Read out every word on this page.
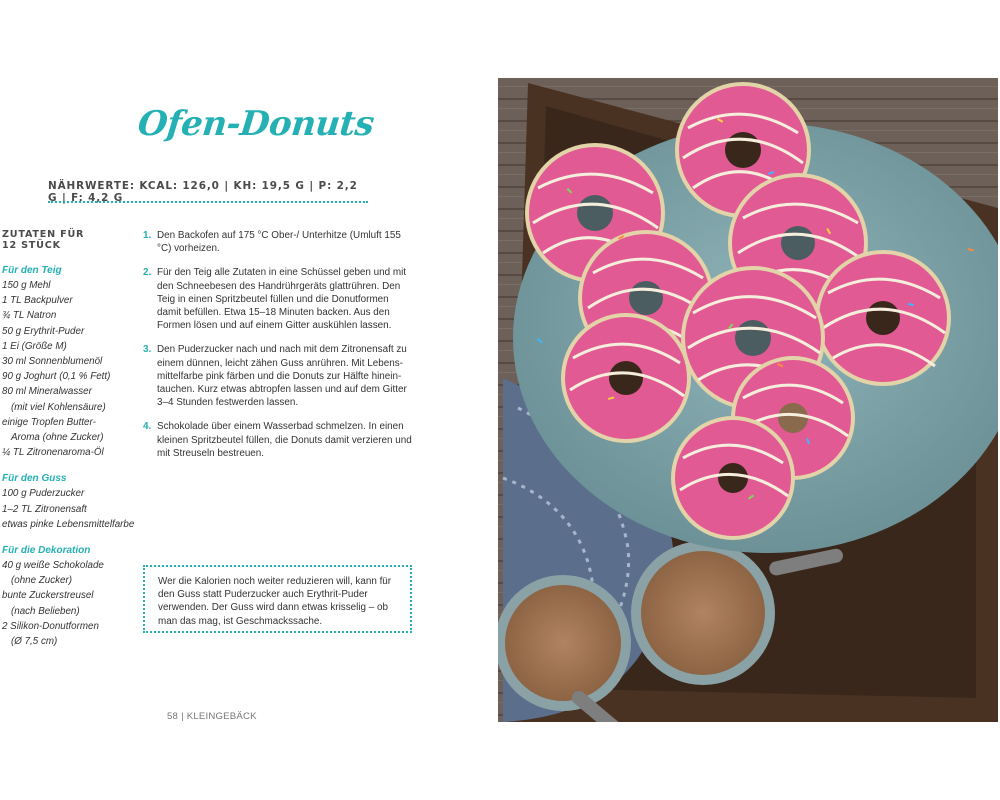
Ofen-Donuts
NÄHRWERTE: KCAL: 126,0 | KH: 19,5 G | P: 2,2 G | F: 4,2 G
ZUTATEN FÜR
12 STÜCK
Für den Teig
150 g Mehl
1 TL Backpulver
¾ TL Natron
50 g Erythrit-Puder
1 Ei (Größe M)
30 ml Sonnenblumenöl
90 g Joghurt (0,1 % Fett)
80 ml Mineralwasser
(mit viel Kohlensäure)
einige Tropfen Butter-
Aroma (ohne Zucker)
¼ TL Zitronenaroma-Öl
Für den Guss
100 g Puderzucker
1–2 TL Zitronensaft
etwas pinke Lebensmittelfarbe
Für die Dekoration
40 g weiße Schokolade
(ohne Zucker)
bunte Zuckerstreusel
(nach Belieben)
2 Silikon-Donutformen
(Ø 7,5 cm)
1. Den Backofen auf 175 °C Ober-/ Unterhitze (Umluft 155 °C) vorheizen.
2. Für den Teig alle Zutaten in eine Schüssel geben und mit den Schneebesen des Handrührgeräts glattrühren. Den Teig in einen Spritzbeutel füllen und die Donutformen damit befüllen. Etwa 15–18 Minuten backen. Aus den Formen lösen und auf einem Gitter auskühlen lassen.
3. Den Puderzucker nach und nach mit dem Zitronensaft zu einem dünnen, leicht zähen Guss anrühren. Mit Lebensmittelfarbe pink färben und die Donuts zur Hälfte hineintauchen. Kurz etwas abtropfen lassen und auf dem Gitter 3–4 Stunden festwerden lassen.
4. Schokolade über einem Wasserbad schmelzen. In einen kleinen Spritzbeutel füllen, die Donuts damit verzieren und mit Streuseln bestreuen.
Wer die Kalorien noch weiter reduzieren will, kann für den Guss statt Puderzucker auch Erythrit-Puder verwenden. Der Guss wird dann etwas krisselig – ob man das mag, ist Geschmackssache.
58 | KLEINGEBÄCK
